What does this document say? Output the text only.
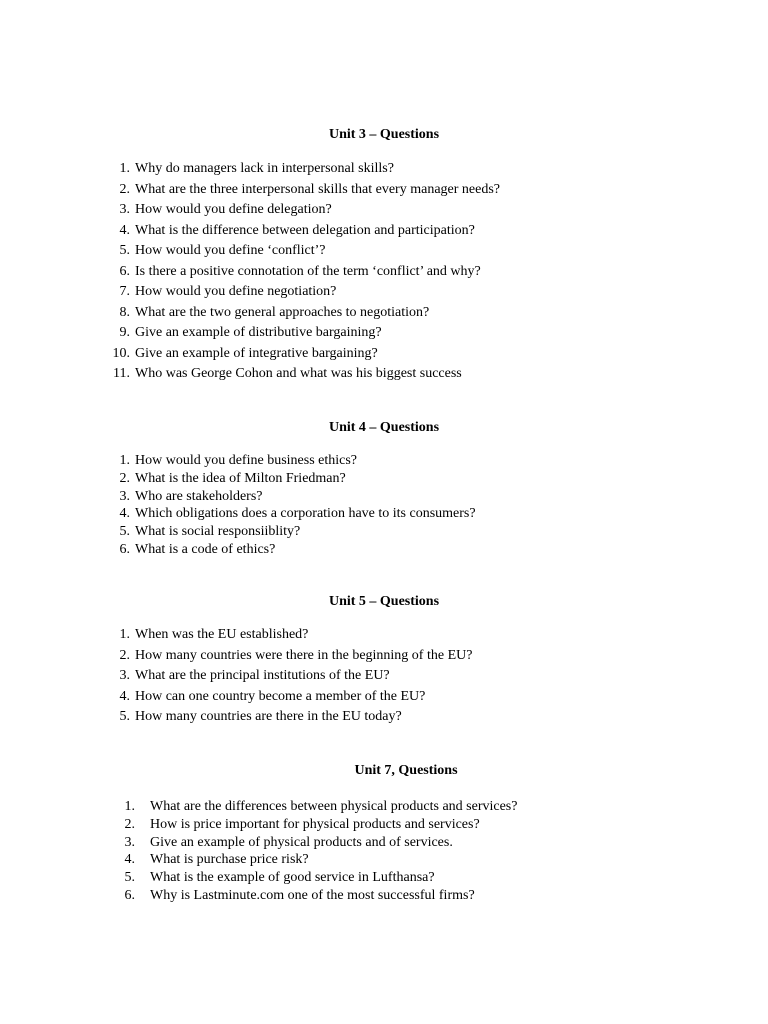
Unit 3 – Questions
1. Why do managers lack in interpersonal skills?
2. What are the three interpersonal skills that every manager needs?
3. How would you define delegation?
4. What is the difference between delegation and participation?
5. How would you define ‘conflict’?
6. Is there a positive connotation of the term ‘conflict’ and why?
7. How would you define negotiation?
8. What are the two general approaches to negotiation?
9. Give an example of distributive bargaining?
10. Give an example of integrative bargaining?
11. Who was George Cohon and what was his biggest success
Unit 4 – Questions
1. How would you define business ethics?
2. What is the idea of Milton Friedman?
3. Who are stakeholders?
4. Which obligations does a corporation have to its consumers?
5. What is social responsiiblity?
6. What is a code of ethics?
Unit 5 – Questions
1. When was the EU established?
2. How many countries were there in the beginning of the EU?
3. What are the principal institutions of the EU?
4. How can one country become a member of the EU?
5. How many countries are there in the EU today?
Unit 7, Questions
1. What are the differences between physical products and services?
2. How is price important for physical products and services?
3. Give an example of physical products and of services.
4. What is purchase price risk?
5. What is the example of good service in Lufthansa?
6. Why is Lastminute.com one of the most successful firms?
